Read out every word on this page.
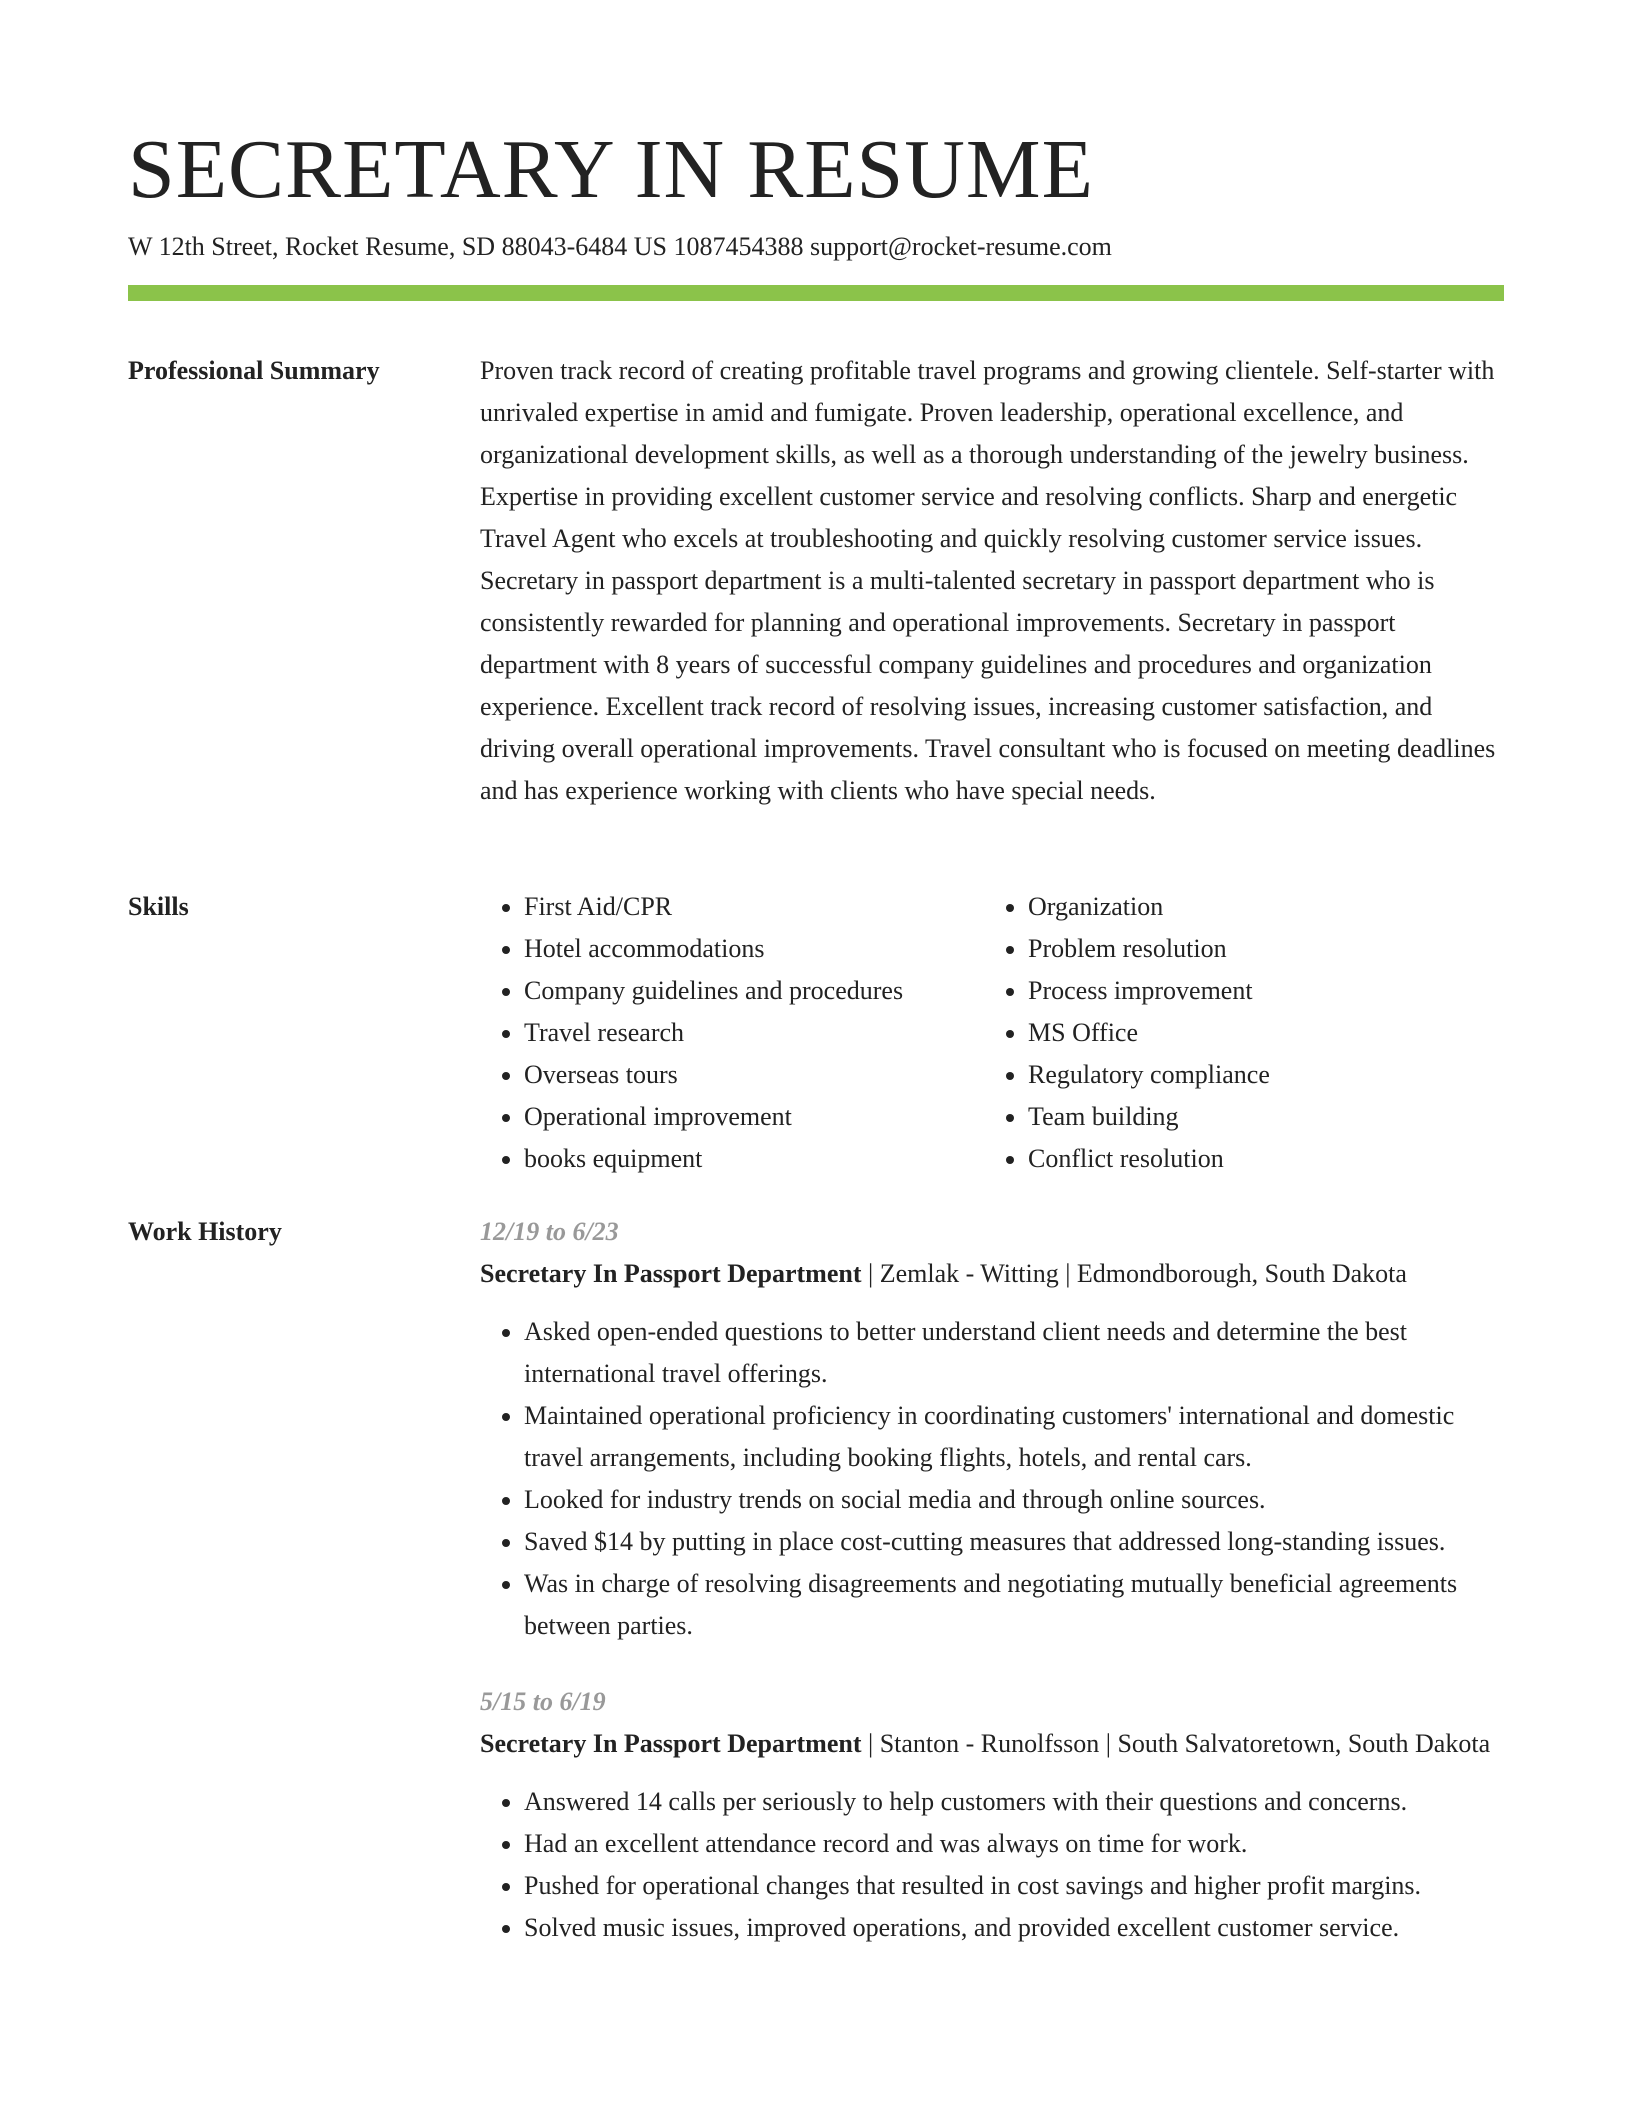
SECRETARY IN RESUME
W 12th Street, Rocket Resume, SD 88043-6484 US 1087454388 support@rocket-resume.com
Professional Summary	Proven track record of creating profitable travel programs and growing clientele. Self-starter with unrivaled expertise in amid and fumigate. Proven leadership, operational excellence, and organizational development skills, as well as a thorough understanding of the jewelry business. Expertise in providing excellent customer service and resolving conflicts. Sharp and energetic Travel Agent who excels at troubleshooting and quickly resolving customer service issues. Secretary in passport department is a multi-talented secretary in passport department who is consistently rewarded for planning and operational improvements. Secretary in passport department with 8 years of successful company guidelines and procedures and organization experience. Excellent track record of resolving issues, increasing customer satisfaction, and driving overall operational improvements. Travel consultant who is focused on meeting deadlines and has experience working with clients who have special needs.

Skills
•	First Aid/CPR
• Hotel accommodations
• Company guidelines and procedures
• Travel research
• Overseas tours
• Operational improvement
• books equipment
• Organization
• Problem resolution
• Process improvement
• MS Office
• Regulatory compliance
• Team building
• Conflict resolution
Work History	12/19 to 6/23
Secretary In Passport Department | Zemlak - Witting | Edmondborough, South Dakota
• Asked open-ended questions to better understand client needs and determine the best international travel offerings.
• Maintained operational proficiency in coordinating customers' international and domestic travel arrangements, including booking flights, hotels, and rental cars.
• Looked for industry trends on social media and through online sources.
• Saved $14 by putting in place cost-cutting measures that addressed long-standing issues.
• Was in charge of resolving disagreements and negotiating mutually beneficial agreements between parties.
5/15 to 6/19
Secretary In Passport Department | Stanton - Runolfsson | South Salvatoretown, South Dakota
• Answered 14 calls per seriously to help customers with their questions and concerns.
• Had an excellent attendance record and was always on time for work.
• Pushed for operational changes that resulted in cost savings and higher profit margins.
• Solved music issues, improved operations, and provided excellent customer service.
